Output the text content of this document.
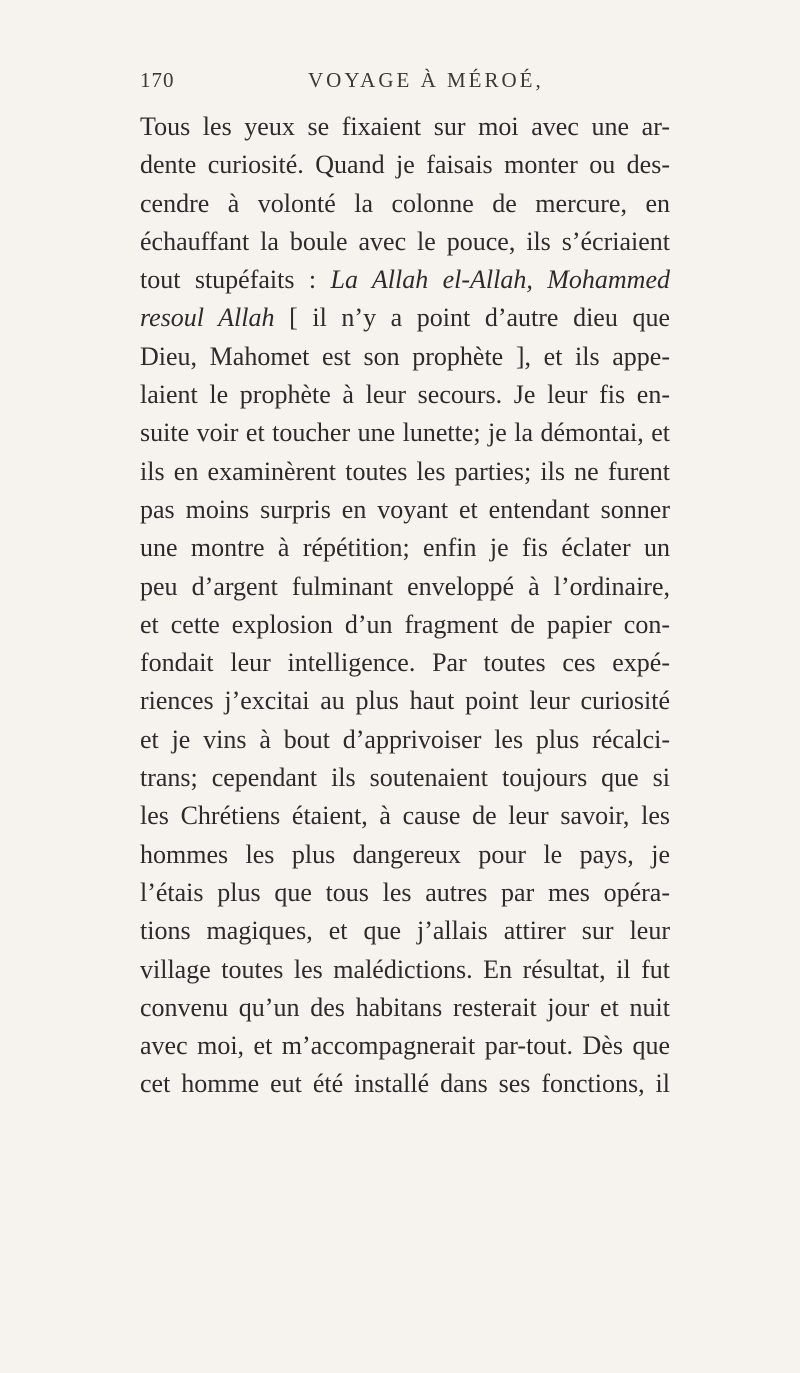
170	VOYAGE À MÉROÉ,
Tous les yeux se fixaient sur moi avec une ar-
dente curiosité. Quand je faisais monter ou des-
cendre à volonté la colonne de mercure, en
échauffant la boule avec le pouce, ils s’écriaient
tout stupéfaits : La Allah el-Allah, Mohammed
resoul Allah [ il n’y a point d’autre dieu que
Dieu, Mahomet est son prophète ], et ils appe-
laient le prophète à leur secours. Je leur fis en-
suite voir et toucher une lunette; je la démontai, et
ils en examinèrent toutes les parties; ils ne furent
pas moins surpris en voyant et entendant sonner
une montre à répétition; enfin je fis éclater un
peu d’argent fulminant enveloppé à l’ordinaire,
et cette explosion d’un fragment de papier con-
fondait leur intelligence. Par toutes ces expé-
riences j’excitai au plus haut point leur curiosité
et je vins à bout d’apprivoiser les plus récalci-
trans; cependant ils soutenaient toujours que si
les Chrétiens étaient, à cause de leur savoir, les
hommes les plus dangereux pour le pays, je
l’étais plus que tous les autres par mes opéra-
tions magiques, et que j’allais attirer sur leur
village toutes les malédictions. En résultat, il fut
convenu qu’un des habitans resterait jour et nuit
avec moi, et m’accompagnerait par-tout. Dès que
cet homme eut été installé dans ses fonctions, il
